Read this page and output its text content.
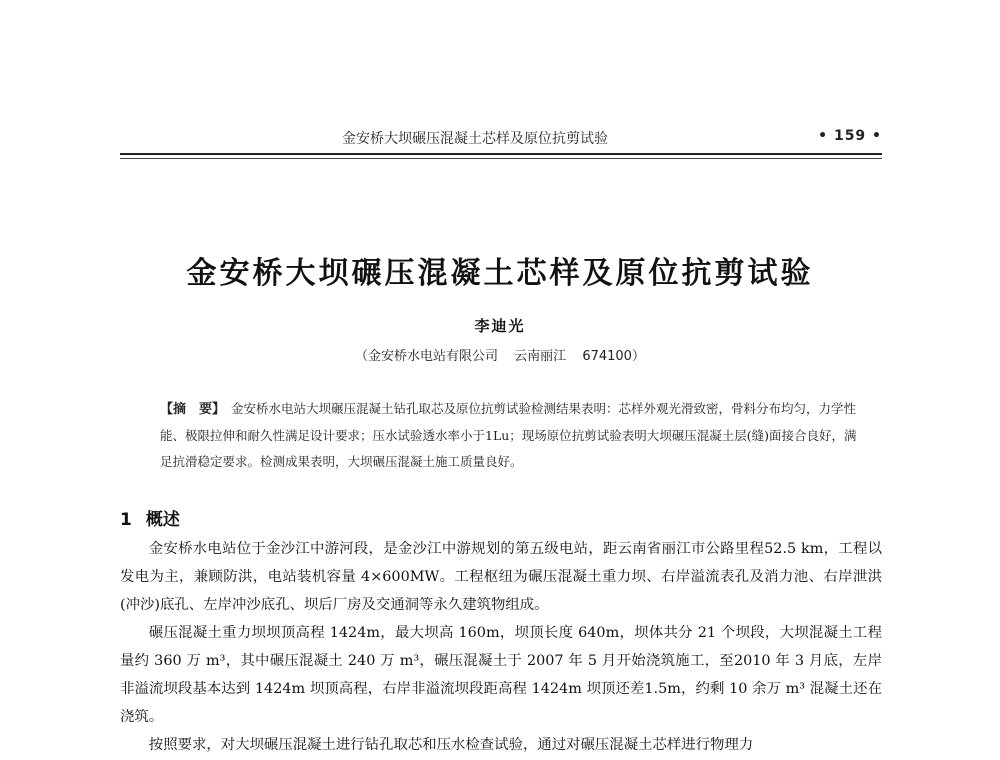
金安桥大坝碾压混凝土芯样及原位抗剪试验	• 159 •
金安桥大坝碾压混凝土芯样及原位抗剪试验
李迪光
（金安桥水电站有限公司 云南丽江 674100）
【摘　要】 金安桥水电站大坝碾压混凝土钻孔取芯及原位抗剪试验检测结果表明：芯样外观光滑致密，骨料分布均匀，力学性能、极限拉伸和耐久性满足设计要求；压水试验透水率小于1Lu；现场原位抗剪试验表明大坝碾压混凝土层(缝)面接合良好，满足抗滑稳定要求。检测成果表明，大坝碾压混凝土施工质量良好。
1 概述

金安桥水电站位于金沙江中游河段，是金沙江中游规划的第五级电站，距云南省丽江市公路里程52.5 km，工程以发电为主，兼顾防洪，电站装机容量 4×600MW。工程枢纽为碾压混凝土重力坝、右岸溢流表孔及消力池、右岸泄洪(冲沙)底孔、左岸冲沙底孔、坝后厂房及交通洞等永久建筑物组成。

碾压混凝土重力坝坝顶高程 1424m，最大坝高 160m，坝顶长度 640m，坝体共分 21 个坝段，大坝混凝土工程量约 360 万 m³，其中碾压混凝土 240 万 m³，碾压混凝土于 2007 年 5 月开始浇筑施工，至2010 年 3 月底，左岸非溢流坝段基本达到 1424m 坝顶高程，右岸非溢流坝段距高程 1424m 坝顶还差1.5m，约剩 10 余万 m³ 混凝土还在浇筑。

按照要求，对大坝碾压混凝土进行钻孔取芯和压水检查试验，通过对碾压混凝土芯样进行物理力
